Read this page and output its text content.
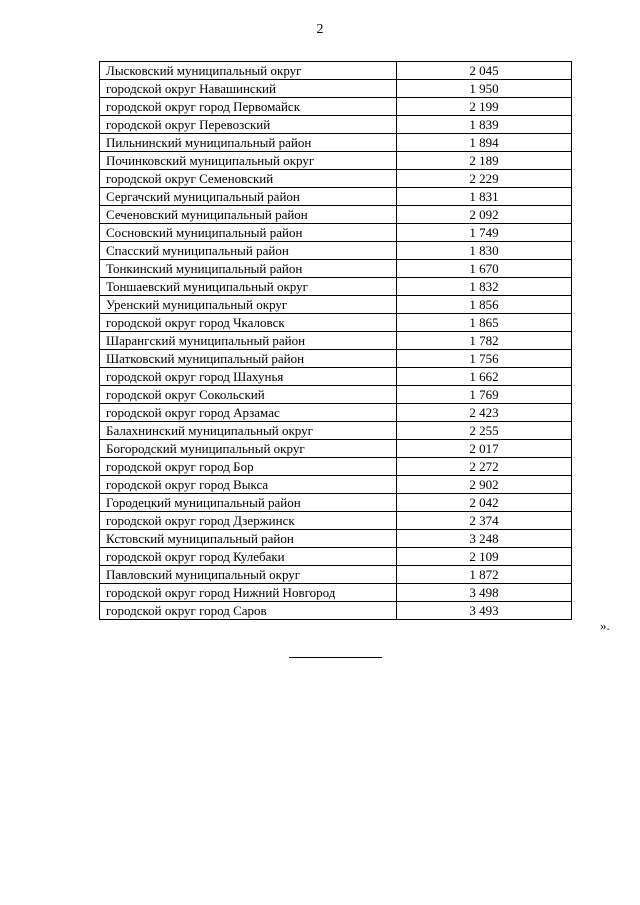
2
Лысковский муниципальный округ	2 045
городской округ Навашинский	1 950
городской округ город Первомайск	2 199
городской округ Перевозский	1 839
Пильнинский муниципальный район	1 894
Починковский муниципальный округ	2 189
городской округ Семеновский	2 229
Сергачский муниципальный район	1 831
Сеченовский муниципальный район	2 092
Сосновский муниципальный район	1 749
Спасский муниципальный район	1 830
Тонкинский муниципальный район	1 670
Тоншаевский муниципальный округ	1 832
Уренский муниципальный округ	1 856
городской округ город Чкаловск	1 865
Шарангский муниципальный район	1 782
Шатковский муниципальный район	1 756
городской округ город Шахунья	1 662
городской округ Сокольский	1 769
городской округ город Арзамас	2 423
Балахнинский муниципальный округ	2 255
Богородский муниципальный округ	2 017
городской округ город Бор	2 272
городской округ город Выкса	2 902
Городецкий муниципальный район	2 042
городской округ город Дзержинск	2 374
Кстовский муниципальный район	3 248
городской округ город Кулебаки	2 109
Павловский муниципальный округ	1 872
городской округ город Нижний Новгород	3 498
городской округ город Саров	3 493
».
